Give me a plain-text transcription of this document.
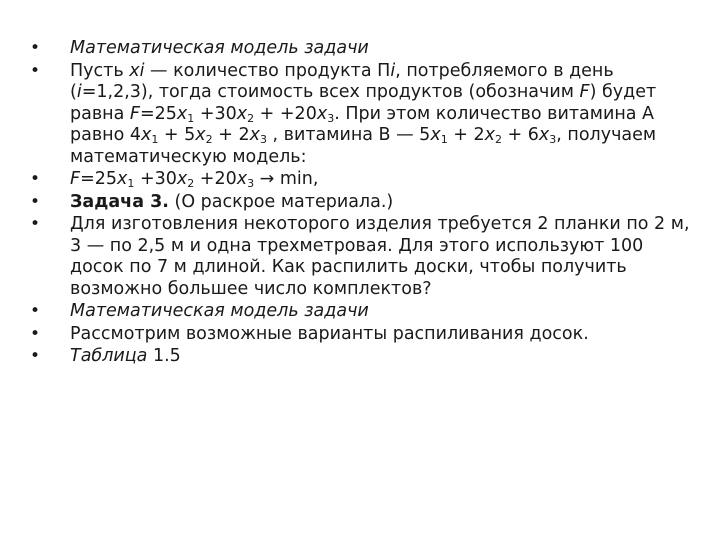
•
Математическая модель задачи
•
Пусть xi — количество продукта Пi, потребляемого в день (i=1,2,3), тогда стоимость всех продуктов (обозначим F) будет равна $F=25x_1 +30x_2 + +20x_3$. При этом количество витамина А равно $4x_1 + 5x_2 + 2x_3$ , витамина В — $5x_1 + 2x_2 + 6x_3$, получаем математическую модель:
•
$F=25x_1 +30x_2 +20x_3 \to \min$,
•
Задача 3. (О раскрое материала.)
•
Для изготовления некоторого изделия требуется 2 планки по 2 м, 3 — по 2,5 м и одна трехметровая. Для этого используют 100 досок по 7 м длиной. Как распилить доски, чтобы получить возможно большее число комплектов?
•
Математическая модель задачи
•
Рассмотрим возможные варианты распиливания досок.
•
Таблица 1.5
